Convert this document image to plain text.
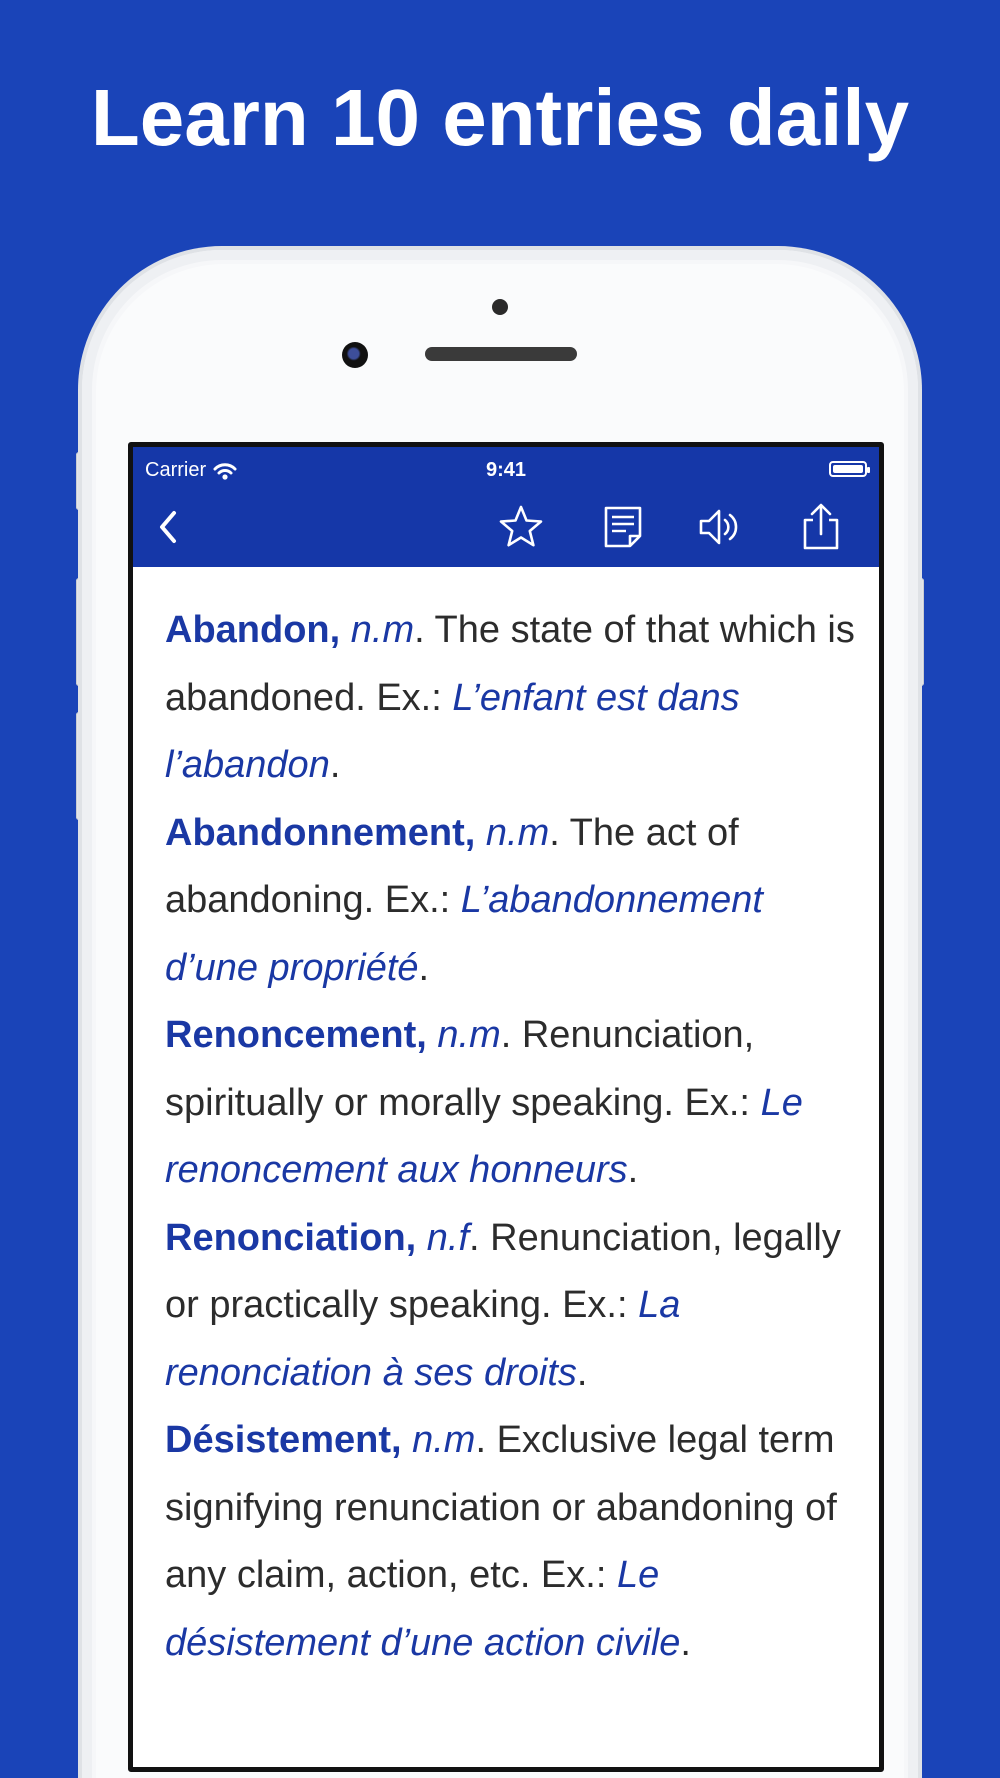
Learn 10 entries daily
Carrier	9:41

Abandon, n.m. The state of that which is abandoned. Ex.: L’enfant est dans l’abandon.

Abandonnement, n.m. The act of abandoning. Ex.: L’abandonnement d’une propriété.

Renoncement, n.m. Renunciation, spiritually or morally speaking. Ex.: Le renoncement aux honneurs.

Renonciation, n.f. Renunciation, legally or practically speaking. Ex.: La renonciation à ses droits.

Désistement, n.m. Exclusive legal term signifying renunciation or abandoning of any claim, action, etc. Ex.: Le désistement d’une action civile.
